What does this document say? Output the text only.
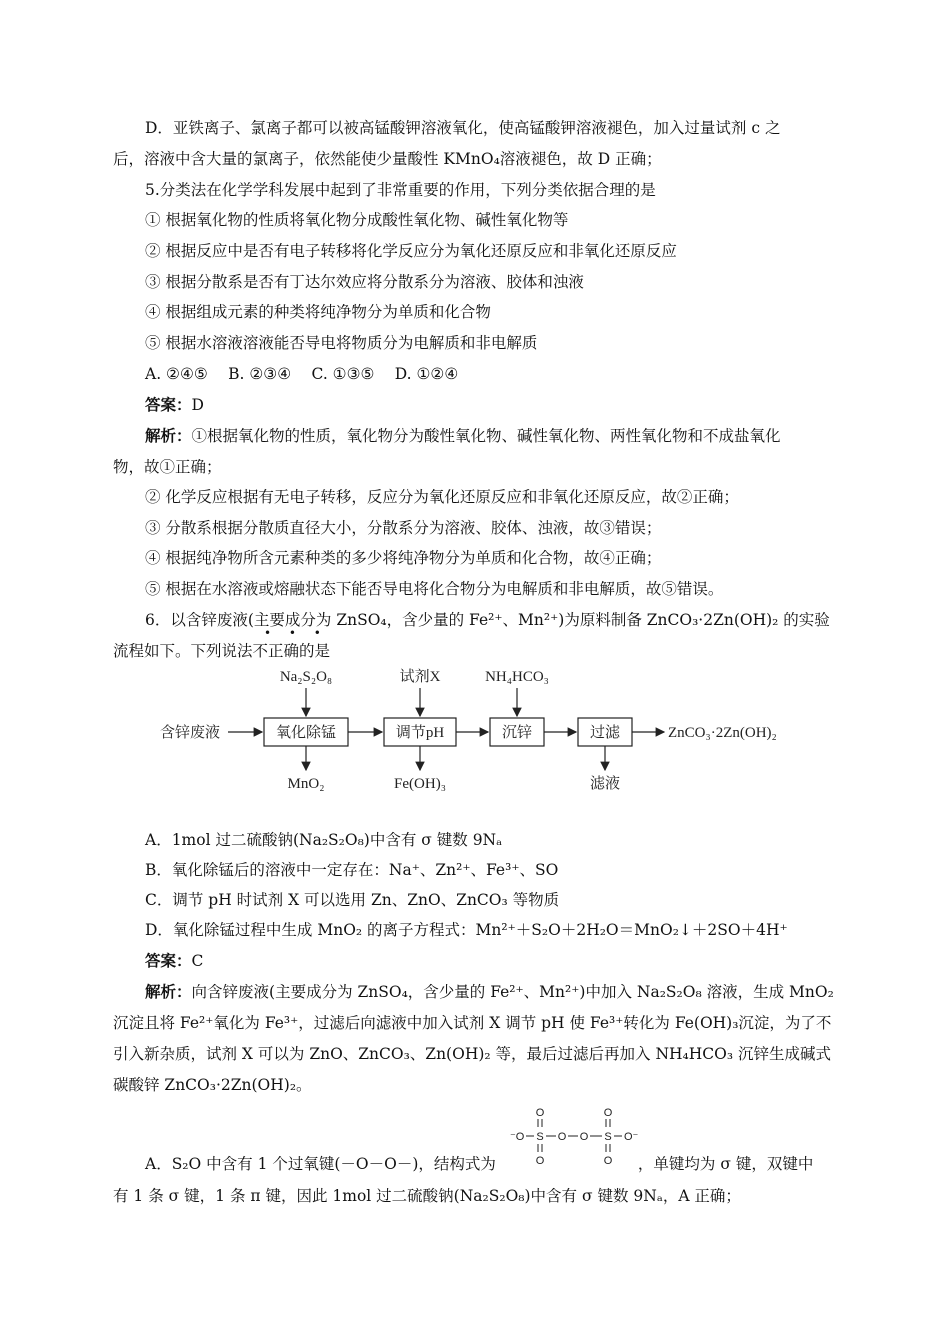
D．亚铁离子、氯离子都可以被高锰酸钾溶液氧化，使高锰酸钾溶液褪色，加入过量试剂 c 之
后，溶液中含大量的氯离子，依然能使少量酸性 KMnO₄溶液褪色，故 D 正确；
5.分类法在化学学科发展中起到了非常重要的作用，下列分类依据合理的是
① 根据氧化物的性质将氧化物分成酸性氧化物、碱性氧化物等
② 根据反应中是否有电子转移将化学反应分为氧化还原反应和非氧化还原反应
③ 根据分散系是否有丁达尔效应将分散系分为溶液、胶体和浊液
④ 根据组成元素的种类将纯净物分为单质和化合物
⑤ 根据水溶液溶液能否导电将物质分为电解质和非电解质
A. ②④⑤　 B. ②③④　 C. ①③⑤　 D. ①②④
答案：D
解析：①根据氧化物的性质，氧化物分为酸性氧化物、碱性氧化物、两性氧化物和不成盐氧化
物，故①正确；
② 化学反应根据有无电子转移，反应分为氧化还原反应和非氧化还原反应，故②正确；
③ 分散系根据分散质直径大小，分散系分为溶液、胶体、浊液，故③错误；
④ 根据纯净物所含元素种类的多少将纯净物分为单质和化合物，故④正确；
⑤ 根据在水溶液或熔融状态下能否导电将化合物分为电解质和非电解质，故⑤错误。
6．以含锌废液(主要成分为 ZnSO₄，含少量的 Fe²⁺、Mn²⁺)为原料制备 ZnCO₃·2Zn(OH)₂ 的实验
• • •
流程如下。下列说法不正确的是
含锌废液	氧化除锰	调节pH	沉锌	过滤	ZnCO₃·2Zn(OH)₂
Na₂S₂O₈	试剂X	NH₄HCO₃
MnO₂	Fe(OH)₃	滤液
A．1mol 过二硫酸钠(Na₂S₂O₈)中含有 σ 键数 9Nₐ
B．氧化除锰后的溶液中一定存在：Na⁺、Zn²⁺、Fe³⁺、SO
C．调节 pH 时试剂 X 可以选用 Zn、ZnO、ZnCO₃ 等物质
D．氧化除锰过程中生成 MnO₂ 的离子方程式：Mn²⁺＋S₂O＋2H₂O＝MnO₂↓＋2SO＋4H⁺
答案：C
解析：向含锌废液(主要成分为 ZnSO₄，含少量的 Fe²⁺、Mn²⁺)中加入 Na₂S₂O₈ 溶液，生成 MnO₂
沉淀且将 Fe²⁺氧化为 Fe³⁺，过滤后向滤液中加入试剂 X 调节 pH 使 Fe³⁺转化为 Fe(OH)₃沉淀，为了不
引入新杂质，试剂 X 可以为 ZnO、ZnCO₃、Zn(OH)₂ 等，最后过滤后再加入 NH₄HCO₃ 沉锌生成碱式
碳酸锌 ZnCO₃·2Zn(OH)₂。
O	O
⁻O S O O S O⁻
O	O
A．S₂O 中含有 1 个过氧键(－O－O－)，结构式为	，单键均为 σ 键，双键中
有 1 条 σ 键，1 条 π 键，因此 1mol 过二硫酸钠(Na₂S₂O₈)中含有 σ 键数 9Nₐ，A 正确；
